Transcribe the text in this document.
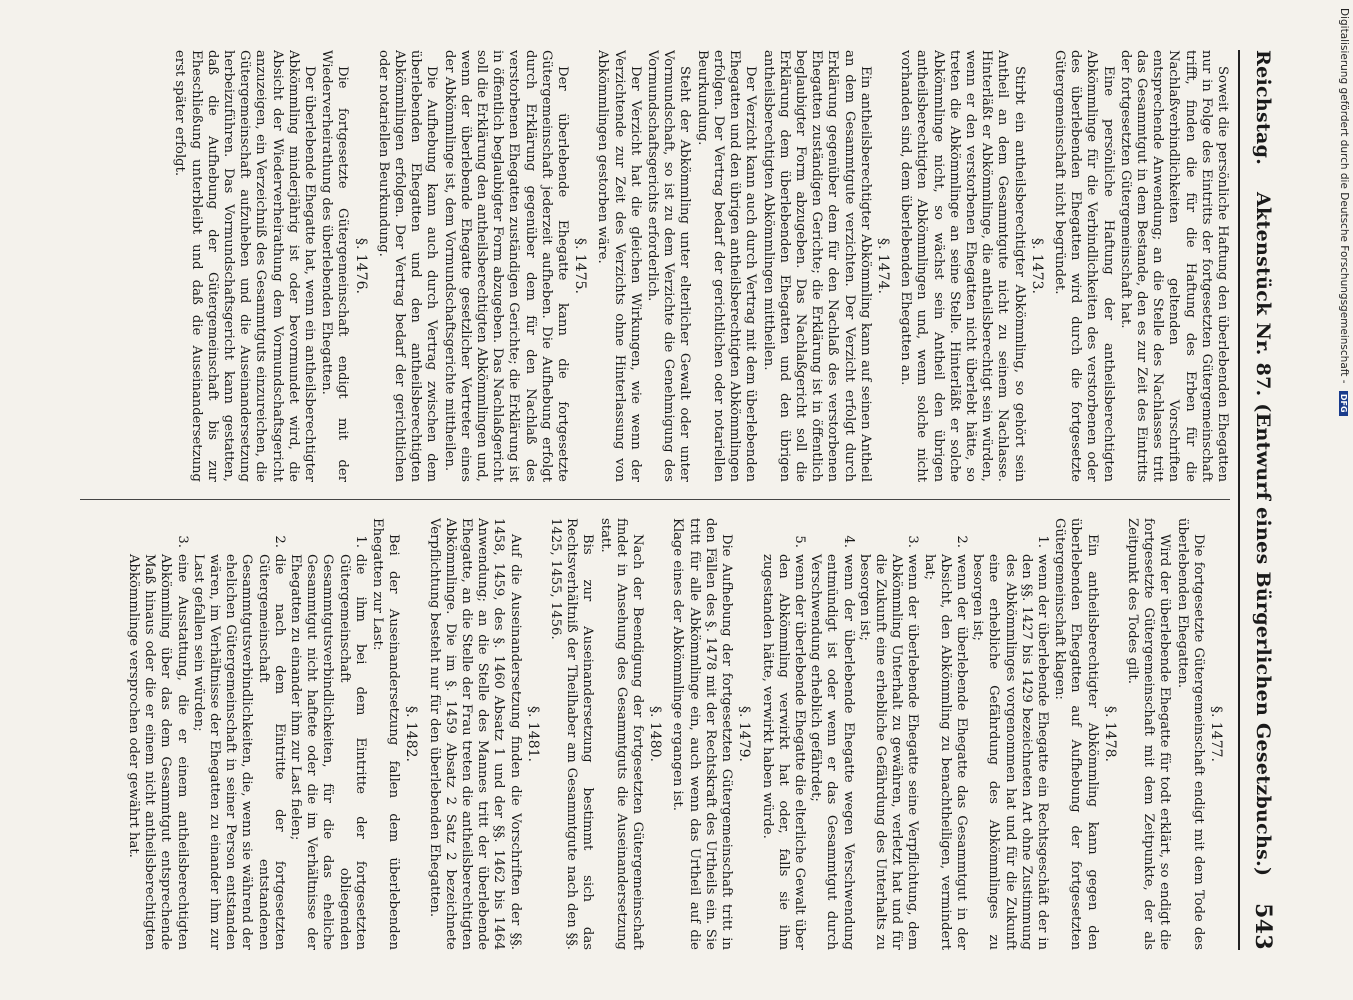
Reichstag.
Aktenstück Nr. 87. (Entwurf eines Bürgerlichen Gesetzbuchs.)
543

Soweit die persönliche Haftung den überlebenden Ehegatten nur in Folge des Eintritts der fortgesetzten Gütergemeinschaft trifft, finden die für die Haftung des Erben für die Nachlaßverbindlichkeiten geltenden Vorschriften entsprechende Anwendung; an die Stelle des Nachlasses tritt das Gesammtgut in dem Bestande, den es zur Zeit des Eintritts der fortgesetzten Gütergemeinschaft hat.

Eine persönliche Haftung der antheilsberechtigten Abkömmlinge für die Verbindlichkeiten des verstorbenen oder des überlebenden Ehegatten wird durch die fortgesetzte Gütergemeinschaft nicht begründet.

§. 1473.

Stirbt ein antheilsberechtigter Abkömmling, so gehört sein Antheil an dem Gesammtgute nicht zu seinem Nachlasse. Hinterläßt er Abkömmlinge, die antheilsberechtigt sein würden, wenn er den verstorbenen Ehegatten nicht überlebt hätte, so treten die Abkömmlinge an seine Stelle. Hinterläßt er solche Abkömmlinge nicht, so wächst sein Antheil den übrigen antheilsberechtigten Abkömmlingen und, wenn solche nicht vorhanden sind, dem überlebenden Ehegatten an.

§. 1474.

Ein antheilsberechtigter Abkömmling kann auf seinen Antheil an dem Gesammtgute verzichten. Der Verzicht erfolgt durch Erklärung gegenüber dem für den Nachlaß des verstorbenen Ehegatten zuständigen Gerichte; die Erklärung ist in öffentlich beglaubigter Form abzugeben. Das Nachlaßgericht soll die Erklärung dem überlebenden Ehegatten und den übrigen antheilsberechtigten Abkömmlingen mittheilen.

Der Verzicht kann auch durch Vertrag mit dem überlebenden Ehegatten und den übrigen antheilsberechtigten Abkömmlingen erfolgen. Der Vertrag bedarf der gerichtlichen oder notariellen Beurkundung.

Steht der Abkömmling unter elterlicher Gewalt oder unter Vormundschaft, so ist zu dem Verzichte die Genehmigung des Vormundschaftsgerichts erforderlich.

Der Verzicht hat die gleichen Wirkungen, wie wenn der Verzichtende zur Zeit des Verzichts ohne Hinterlassung von Abkömmlingen gestorben wäre.

§. 1475.

Der überlebende Ehegatte kann die fortgesetzte Gütergemeinschaft jederzeit aufheben. Die Aufhebung erfolgt durch Erklärung gegenüber dem für den Nachlaß des verstorbenen Ehegatten zuständigen Gerichte; die Erklärung ist in öffentlich beglaubigter Form abzugeben. Das Nachlaßgericht soll die Erklärung den antheilsberechtigten Abkömmlingen und, wenn der überlebende Ehegatte gesetzlicher Vertreter eines der Abkömmlinge ist, dem Vormundschaftsgerichte mittheilen.

Die Aufhebung kann auch durch Vertrag zwischen dem überlebenden Ehegatten und den antheilsberechtigten Abkömmlingen erfolgen. Der Vertrag bedarf der gerichtlichen oder notariellen Beurkundung.

§. 1476.

Die fortgesetzte Gütergemeinschaft endigt mit der Wiederverheirathung des überlebenden Ehegatten.

Der überlebende Ehegatte hat, wenn ein antheilsberechtigter Abkömmling minderjährig ist oder bevormundet wird, die Absicht der Wiederverheirathung dem Vormundschaftsgericht anzuzeigen, ein Verzeichniß des Gesammtguts einzureichen, die Gütergemeinschaft aufzuheben und die Auseinandersetzung herbeizuführen. Das Vormundschaftsgericht kann gestatten, daß die Aufhebung der Gütergemeinschaft bis zur Eheschließung unterbleibt und daß die Auseinandersetzung erst später erfolgt.

§. 1477.

Die fortgesetzte Gütergemeinschaft endigt mit dem Tode des überlebenden Ehegatten.

Wird der überlebende Ehegatte für todt erklärt, so endigt die fortgesetzte Gütergemeinschaft mit dem Zeitpunkte, der als Zeitpunkt des Todes gilt.

§. 1478.

Ein antheilsberechtigter Abkömmling kann gegen den überlebenden Ehegatten auf Aufhebung der fortgesetzten Gütergemeinschaft klagen:

1.
wenn der überlebende Ehegatte ein Rechtsgeschäft der in den §§. 1427 bis 1429 bezeichneten Art ohne Zustimmung des Abkömmlinges vorgenommen hat und für die Zukunft eine erhebliche Gefährdung des Abkömmlinges zu besorgen ist;
2.
wenn der überlebende Ehegatte das Gesammtgut in der Absicht, den Abkömmling zu benachtheiligen, vermindert hat;
3.
wenn der überlebende Ehegatte seine Verpflichtung, dem Abkömmling Unterhalt zu gewähren, verletzt hat und für die Zukunft eine erhebliche Gefährdung des Unterhalts zu besorgen ist;
4.
wenn der überlebende Ehegatte wegen Verschwendung entmündigt ist oder wenn er das Gesammtgut durch Verschwendung erheblich gefährdet;
5.
wenn der überlebende Ehegatte die elterliche Gewalt über den Abkömmling verwirkt hat oder, falls sie ihm zugestanden hätte, verwirkt haben würde.
§. 1479.

Die Aufhebung der fortgesetzten Gütergemeinschaft tritt in den Fällen des §. 1478 mit der Rechtskraft des Urtheils ein. Sie tritt für alle Abkömmlinge ein, auch wenn das Urtheil auf die Klage eines der Abkömmlinge ergangen ist.

§. 1480.

Nach der Beendigung der fortgesetzten Gütergemeinschaft findet in Ansehung des Gesammtguts die Auseinandersetzung statt.

Bis zur Auseinandersetzung bestimmt sich das Rechtsverhältniß der Theilhaber am Gesammtgute nach den §§. 1425, 1455, 1456.

§. 1481.

Auf die Auseinandersetzung finden die Vorschriften der §§. 1458, 1459, des §. 1460 Absatz 1 und der §§. 1462 bis 1464 Anwendung; an die Stelle des Mannes tritt der überlebende Ehegatte, an die Stelle der Frau treten die antheilsberechtigten Abkömmlinge. Die im §. 1459 Absatz 2 Satz 2 bezeichnete Verpflichtung besteht nur für den überlebenden Ehegatten.

§. 1482.

Bei der Auseinandersetzung fallen dem überlebenden Ehegatten zur Last:

1.
die ihm bei dem Eintritte der fortgesetzten Gütergemeinschaft obliegenden Gesammtgutsverbindlichkeiten, für die das eheliche Gesammtgut nicht haftete oder die im Verhältnisse der Ehegatten zu einander ihm zur Last fielen;
2.
die nach dem Eintritte der fortgesetzten Gütergemeinschaft entstandenen Gesammtgutsverbindlichkeiten, die, wenn sie während der ehelichen Gütergemeinschaft in seiner Person entstanden wären, im Verhältnisse der Ehegatten zu einander ihm zur Last gefallen sein würden;
3.
eine Ausstattung, die er einem antheilsberechtigten Abkömmling über das dem Gesammtgut entsprechende Maß hinaus oder die er einem nicht antheilsberechtigten Abkömmlinge versprochen oder gewährt hat.
Digitalisierung gefördert durch die Deutsche Forschungsgemeinschaft - DFG
